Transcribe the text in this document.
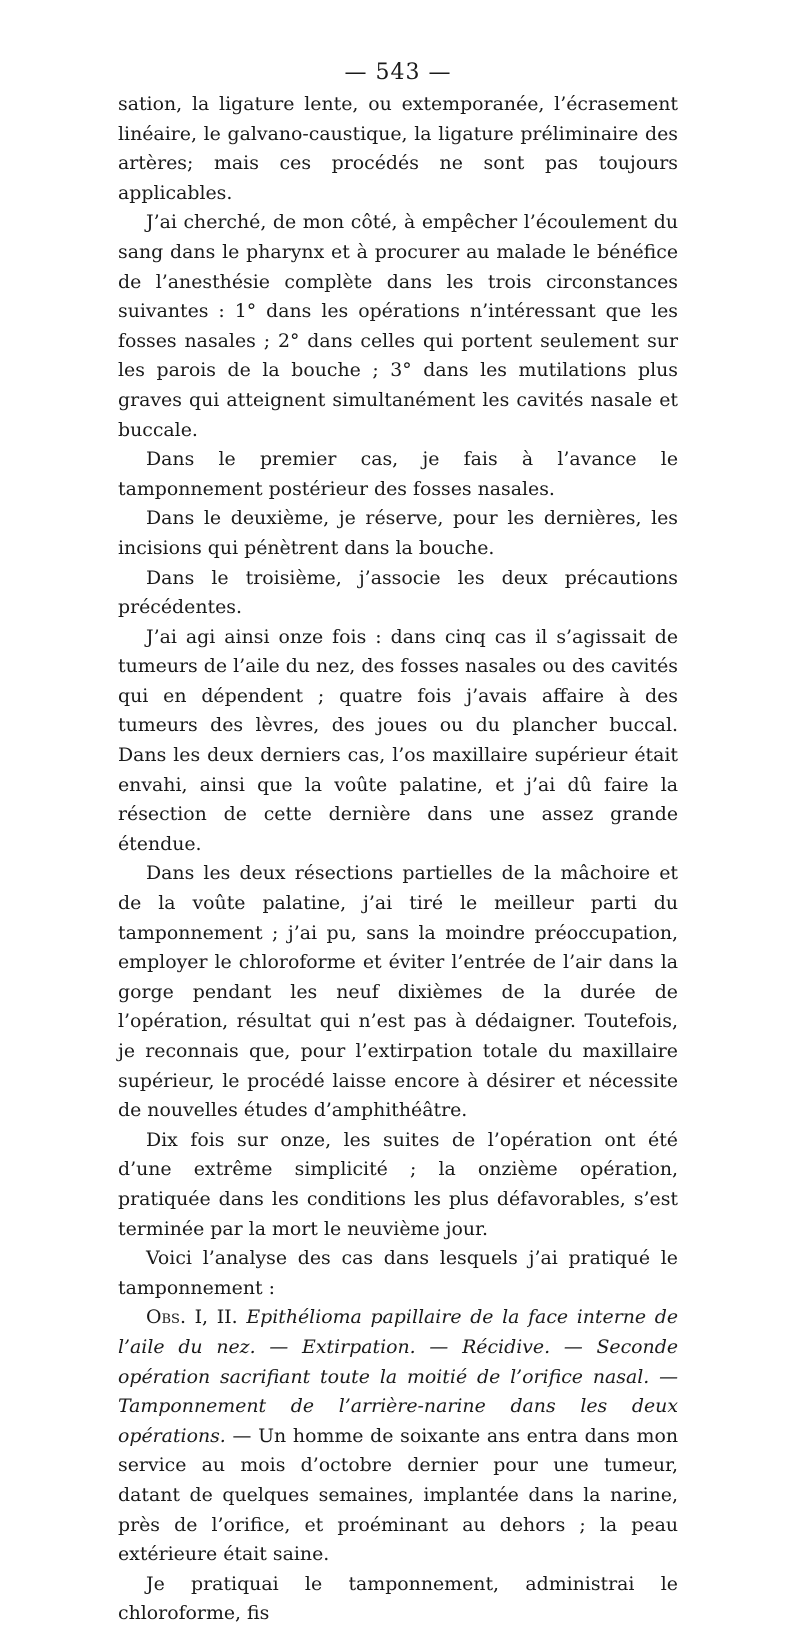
— 543 —

sation, la ligature lente, ou extemporanée, l’écrasement linéaire, le galvano-caustique, la ligature préliminaire des artères; mais ces procédés ne sont pas toujours applicables.

J’ai cherché, de mon côté, à empêcher l’écoulement du sang dans le pharynx et à procurer au malade le bénéfice de l’anesthésie complète dans les trois circonstances suivantes : 1° dans les opérations n’intéressant que les fosses nasales ; 2° dans celles qui portent seulement sur les parois de la bouche ; 3° dans les mutilations plus graves qui atteignent simultanément les cavités nasale et buccale.

Dans le premier cas, je fais à l’avance le tamponnement postérieur des fosses nasales.

Dans le deuxième, je réserve, pour les dernières, les incisions qui pénètrent dans la bouche.

Dans le troisième, j’associe les deux précautions précédentes.

J’ai agi ainsi onze fois : dans cinq cas il s’agissait de tumeurs de l’aile du nez, des fosses nasales ou des cavités qui en dépendent ; quatre fois j’avais affaire à des tumeurs des lèvres, des joues ou du plancher buccal. Dans les deux derniers cas, l’os maxillaire supérieur était envahi, ainsi que la voûte palatine, et j’ai dû faire la résection de cette dernière dans une assez grande étendue.

Dans les deux résections partielles de la mâchoire et de la voûte palatine, j’ai tiré le meilleur parti du tamponnement ; j’ai pu, sans la moindre préoccupation, employer le chloroforme et éviter l’entrée de l’air dans la gorge pendant les neuf dixièmes de la durée de l’opération, résultat qui n’est pas à dédaigner. Toutefois, je reconnais que, pour l’extirpation totale du maxillaire supérieur, le procédé laisse encore à désirer et nécessite de nouvelles études d’amphithéâtre.

Dix fois sur onze, les suites de l’opération ont été d’une extrême simplicité ; la onzième opération, pratiquée dans les conditions les plus défavorables, s’est terminée par la mort le neuvième jour.

Voici l’analyse des cas dans lesquels j’ai pratiqué le tamponnement :

Obs. I, II. Epithélioma papillaire de la face interne de l’aile du nez. — Extirpation. — Récidive. — Seconde opération sacrifiant toute la moitié de l’orifice nasal. — Tamponnement de l’arrière-narine dans les deux opérations. — Un homme de soixante ans entra dans mon service au mois d’octobre dernier pour une tumeur, datant de quelques semaines, implantée dans la narine, près de l’orifice, et proéminant au dehors ; la peau extérieure était saine.

Je pratiquai le tamponnement, administrai le chloroforme, fis
